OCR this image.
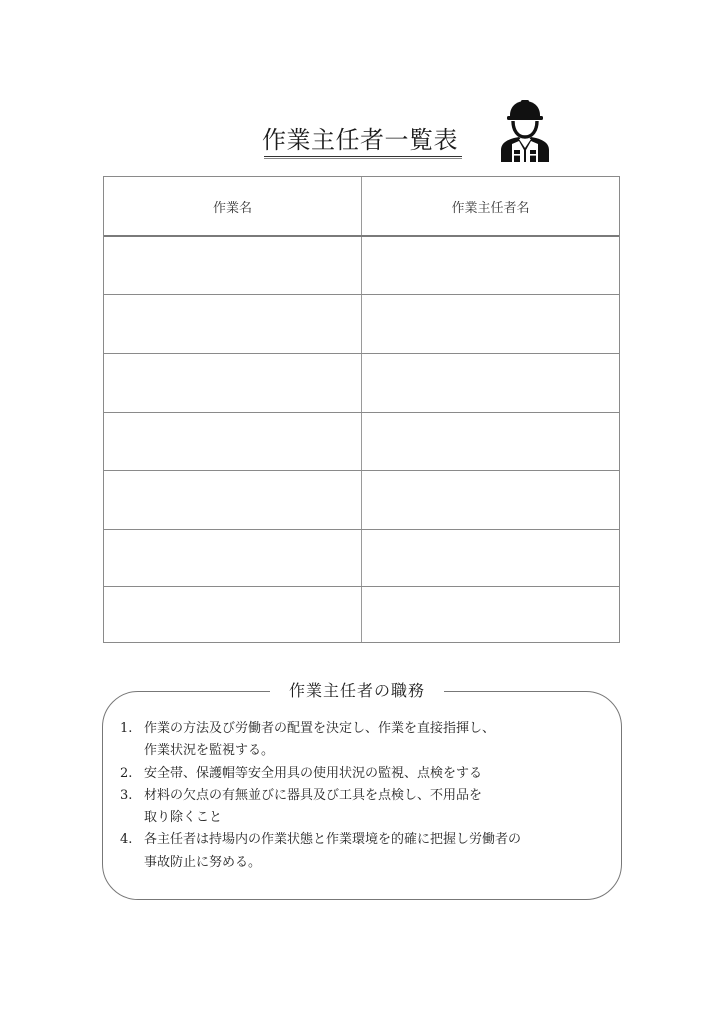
作業主任者一覧表
作業名	作業主任者名
作業主任者の職務
1. 作業の方法及び労働者の配置を決定し、作業を直接指揮し、
作業状況を監視する。
2. 安全帯、保護帽等安全用具の使用状況の監視、点検をする
3. 材料の欠点の有無並びに器具及び工具を点検し、不用品を
取り除くこと
4. 各主任者は持場内の作業状態と作業環境を的確に把握し労働者の
事故防止に努める。
